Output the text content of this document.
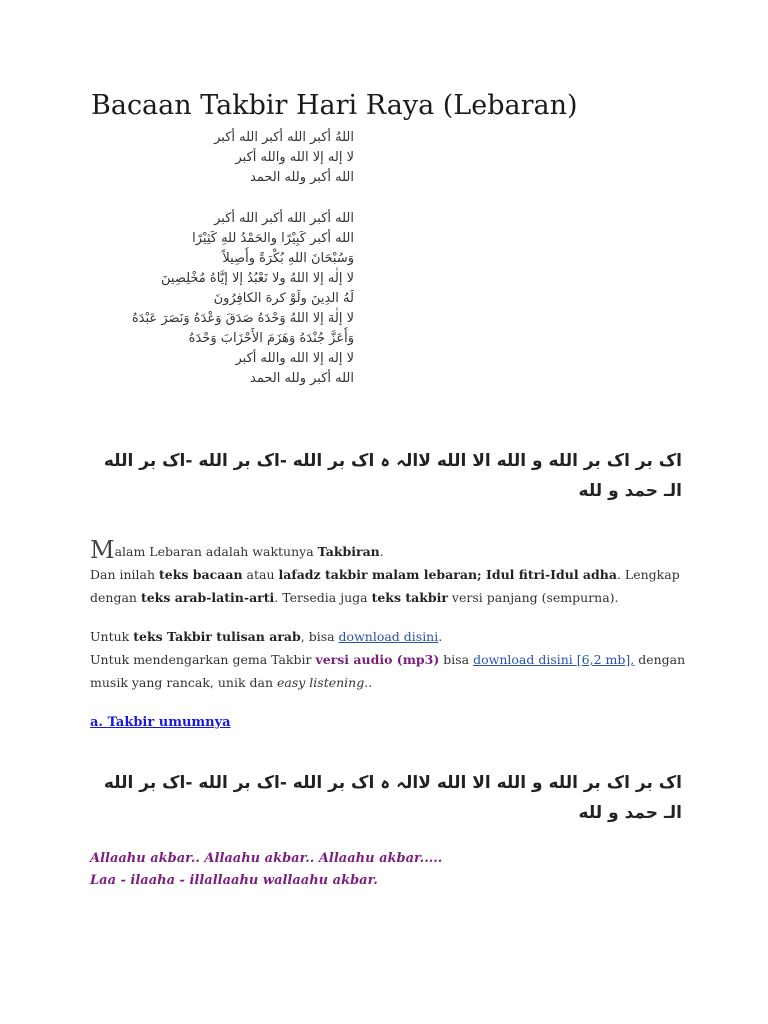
Bacaan Takbir Hari Raya (Lebaran)
اللهُ أكبر الله أكبر الله أكبر
لا إله إلا الله والله أكبر
الله أكبر ولله الحمد
الله أكبر الله أكبر الله أكبر
الله أكبر كَبِيْرًا والحَمْدُ للهِ كَثِيْرًا
وَسُبْحَانَ اللهِ بُكْرَةً وأَصِيلاً
لا إلٰه إلا اللهُ ولا نَعْبُدُ إلا إيَّاهُ مُخْلِصِينَ
لَهُ الدِينَ ولَوْ كرهَ الكافِرُونَ
لا إلٰهَ إلا اللهُ وَحْدَهُ صَدَقَ وَعْدَهُ وَنَصَرَ عَبْدَهُ
وَأَعَزَّ جُنْدَهُ وَهَزَمَ الأَحْزَابَ وَحْدَهُ
لا إله إلا الله والله أكبر
الله أكبر ولله الحمد
اک بر اک بر الله و الله الا الله لاالہ ہ اک بر الله -اک بر الله -اک بر الله
الـ حمد و لله

Malam Lebaran adalah waktunya Takbiran.

Dan inilah teks bacaan atau lafadz takbir malam lebaran; Idul fitri-Idul adha. Lengkap

dengan teks arab-latin-arti. Tersedia juga teks takbir versi panjang (sempurna).

Untuk teks Takbir tulisan arab, bisa download disini.

Untuk mendengarkan gema Takbir versi audio (mp3) bisa download disini [6,2 mb], dengan

musik yang rancak, unik dan easy listening..

a. Takbir umumnya
اک بر اک بر الله و الله الا الله لاالہ ہ اک بر الله -اک بر الله -اک بر الله
الـ حمد و لله
Allaahu akbar.. Allaahu akbar.. Allaahu akbar.....
Laa - ilaaha - illallaahu wallaahu akbar.
